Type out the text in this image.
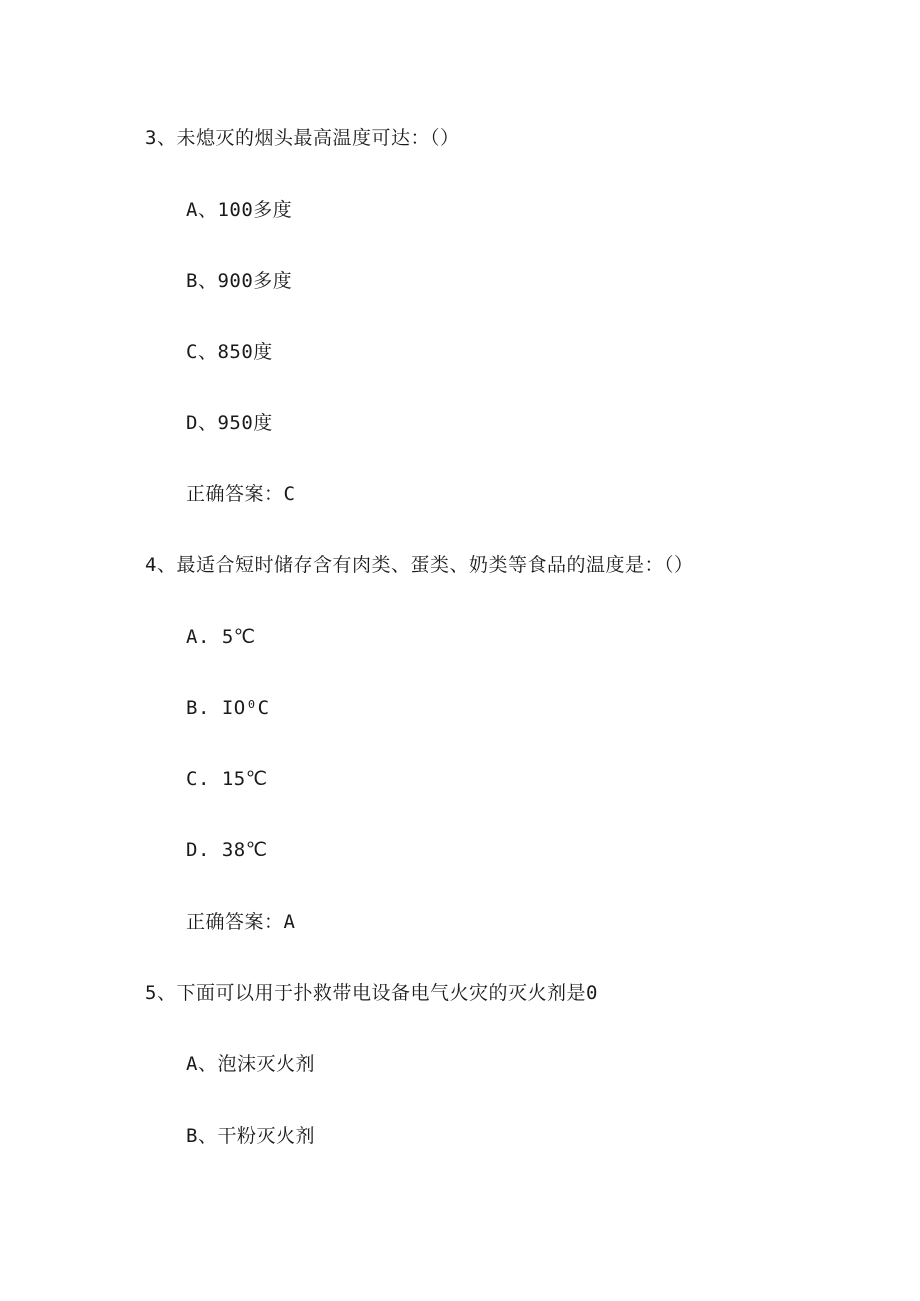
3、未熄灭的烟头最高温度可达：（）
A、100多度
B、900多度
C、850度
D、950度
正确答案：C
4、最适合短时储存含有肉类、蛋类、奶类等食品的温度是：（）
A. 5℃
B. IO⁰C
C. 15℃
D. 38℃
正确答案：A
5、下面可以用于扑救带电设备电气火灾的灭火剂是0
A、泡沫灭火剂
B、干粉灭火剂
